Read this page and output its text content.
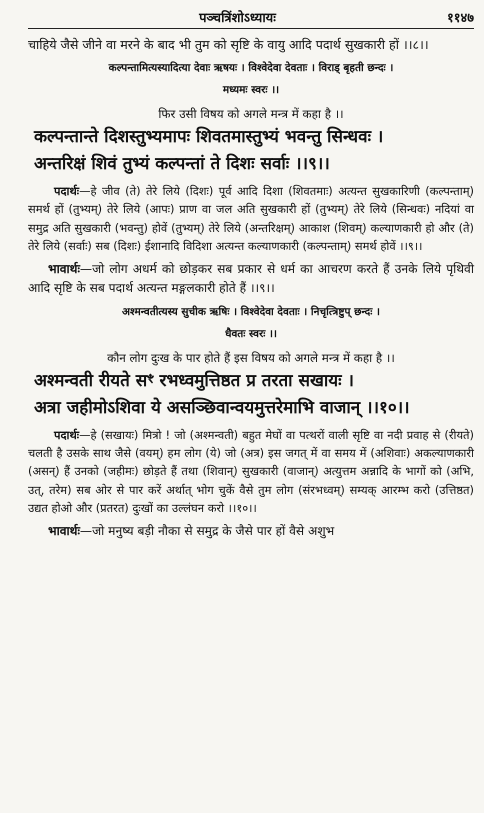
पञ्चत्रिंशोऽध्यायः	११४७

चाहिये जैसे जीने वा मरने के बाद भी तुम को सृष्टि के वायु आदि पदार्थ सुखकारी हों ।।८।।

कल्पन्तामित्यस्यादित्या देवाः ऋषयः । विश्वेदेवा देवताः । विराड् बृहती छन्दः ।
मध्यमः स्वरः ।।
फिर उसी विषय को अगले मन्त्र में कहा है ।।
कल्पन्तान्ते दिशस्तुभ्यमापः शिवतमास्तुभ्यं भवन्तु सिन्धवः ।
अन्तरिक्षं शिवं तुभ्यं कल्पन्तां ते दिशः सर्वाः ।।९।।
पदार्थः—हे जीव (ते) तेरे लिये (दिशः) पूर्व आदि दिशा (शिवतमाः) अत्यन्त सुखकारिणी (कल्पन्ताम्) समर्थ हों (तुभ्यम्) तेरे लिये (आपः) प्राण वा जल अति सुखकारी हों (तुभ्यम्) तेरे लिये (सिन्धवः) नदियां वा समुद्र अति सुखकारी (भवन्तु) होवें (तुभ्यम्) तेरे लिये (अन्तरिक्षम्) आकाश (शिवम्) कल्याणकारी हो और (ते) तेरे लिये (सर्वाः) सब (दिशः) ईशानादि विदिशा अत्यन्त कल्याणकारी (कल्पन्ताम्) समर्थ होवें ।।९।।
भावार्थः—जो लोग अधर्म को छोड़कर सब प्रकार से धर्म का आचरण करते हैं उनके लिये पृथिवी आदि सृष्टि के सब पदार्थ अत्यन्त मङ्गलकारी होते हैं ।।९।।
अश्मन्वतीत्यस्य सुचीक ऋषिः । विश्वेदेवा देवताः । निचृत्त्रिष्टुप् छन्दः ।
धैवतः स्वरः ।।
कौन लोग दुःख के पार होते हैं इस विषय को अगले मन्त्र में कहा है ।।
अश्मन्वती रीयते सꣳ रभध्वमुत्तिष्ठत प्र तरता सखायः ।
अत्रा जहीमोऽशिवा ये असञ्छिवान्वयमुत्तरेमाभि वाजान् ।।१०।।
पदार्थः—हे (सखायः) मित्रो ! जो (अश्मन्वती) बहुत मेघों वा पत्थरों वाली सृष्टि वा नदी प्रवाह से (रीयते) चलती है उसके साथ जैसे (वयम्) हम लोग (ये) जो (अत्र) इस जगत् में वा समय में (अशिवाः) अकल्याणकारी (असन्) हैं उनको (जहीमः) छोड़ते हैं तथा (शिवान्) सुखकारी (वाजान्) अत्युत्तम अन्नादि के भागों को (अभि, उत्, तरेम) सब ओर से पार करें अर्थात् भोग चुकें वैसे तुम लोग (संरभध्वम्) सम्यक् आरम्भ करो (उत्तिष्ठत) उद्यत होओ और (प्रतरत) दुःखों का उल्लंघन करो ।।१०।।
भावार्थः—जो मनुष्य बड़ी नौका से समुद्र के जैसे पार हों वैसे अशुभ
